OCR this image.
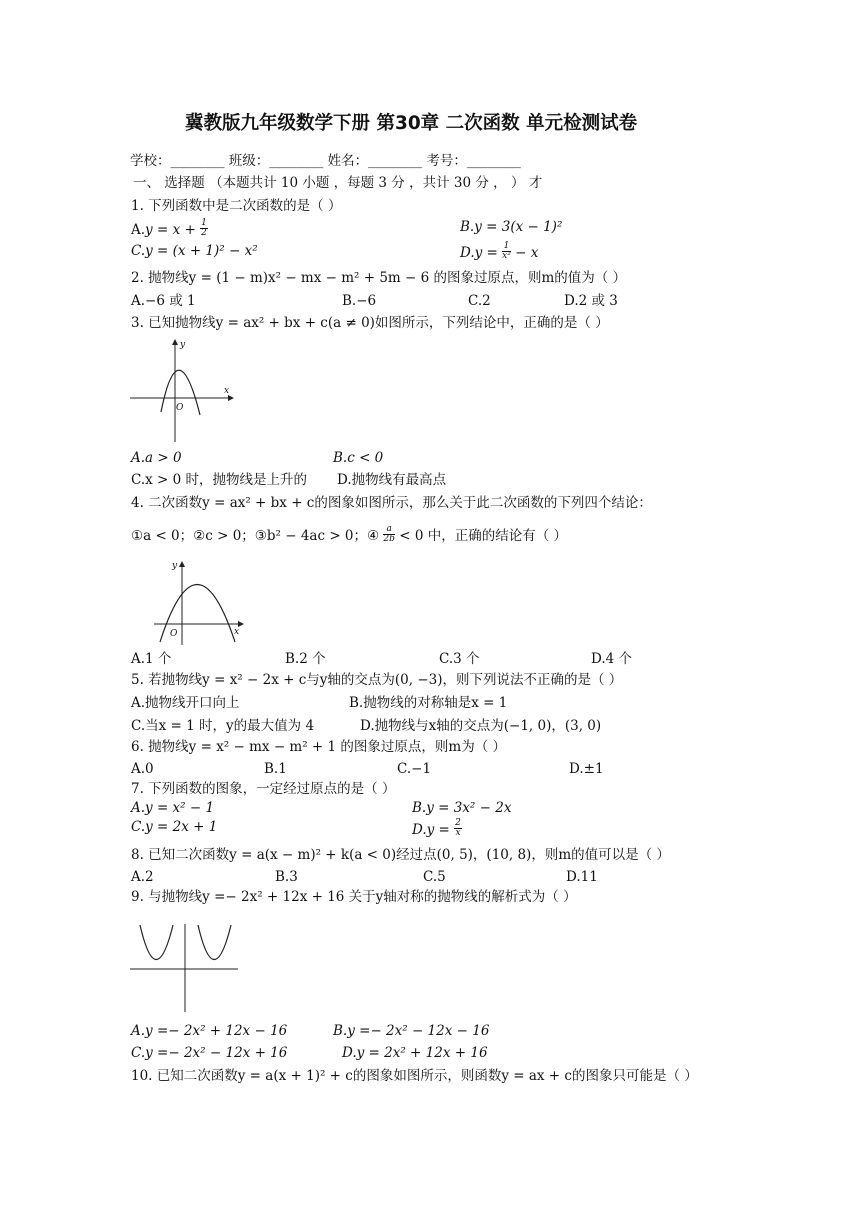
冀教版九年级数学下册 第30章 二次函数 单元检测试卷
学校：________ 班级：________ 姓名：________ 考号：________
一、 选择题 （本题共计 10 小题 ，每题 3 分 ，共计 30 分 ， ） 才
1. 下列函数中是二次函数的是（ ）
$A.y = x + \frac{1}{2}$	B.y = 3(x − 1)²
C.y = (x + 1)² − x²	$D.y = \frac{1}{\text{x²}} - x$
2. 抛物线y = (1 − m)x² − mx − m² + 5m − 6 的图象过原点，则m的值为（ ）
A.−6 或 1	B.−6	C.2	D.2 或 3
3. 已知抛物线y = ax² + bx + c(a ≠ 0)如图所示，下列结论中，正确的是（ ）
y
x
O
A.a > 0	B.c < 0
C.x > 0 时，抛物线是上升的 D.抛物线有最高点
4. 二次函数y = ax² + bx + c的图象如图所示，那么关于此二次函数的下列四个结论：
①a < 0；②c > 0；③b² − 4ac > 0；④ $\frac{a}{2b} < 0$ 中，正确的结论有（ ）
y
x
O
A.1 个	B.2 个	C.3 个	D.4 个
5. 若抛物线y = x² − 2x + c与y轴的交点为(0, −3)，则下列说法不正确的是（ ）
A.抛物线开口向上	B.抛物线的对称轴是x = 1
C.当x = 1 时，y的最大值为 4	D.抛物线与x轴的交点为(−1, 0)，(3, 0)
6. 抛物线y = x² − mx − m² + 1 的图象过原点，则m为（ ）
A.0	B.1	C.−1	D.±1
7. 下列函数的图象，一定经过原点的是（ ）
A.y = x² − 1	B.y = 3x² − 2x
C.y = 2x + 1	$D.y = \frac{2}{x}$
8. 已知二次函数y = a(x − m)² + k(a < 0)经过点(0, 5)，(10, 8)，则m的值可以是（ ）
A.2	B.3	C.5	D.11
9. 与抛物线y =− 2x² + 12x + 16 关于y轴对称的抛物线的解析式为（ ）
A.y =− 2x² + 12x − 16	B.y =− 2x² − 12x − 16
C.y =− 2x² − 12x + 16	D.y = 2x² + 12x + 16
10. 已知二次函数y = a(x + 1)² + c的图象如图所示，则函数y = ax + c的图象只可能是（ ）
